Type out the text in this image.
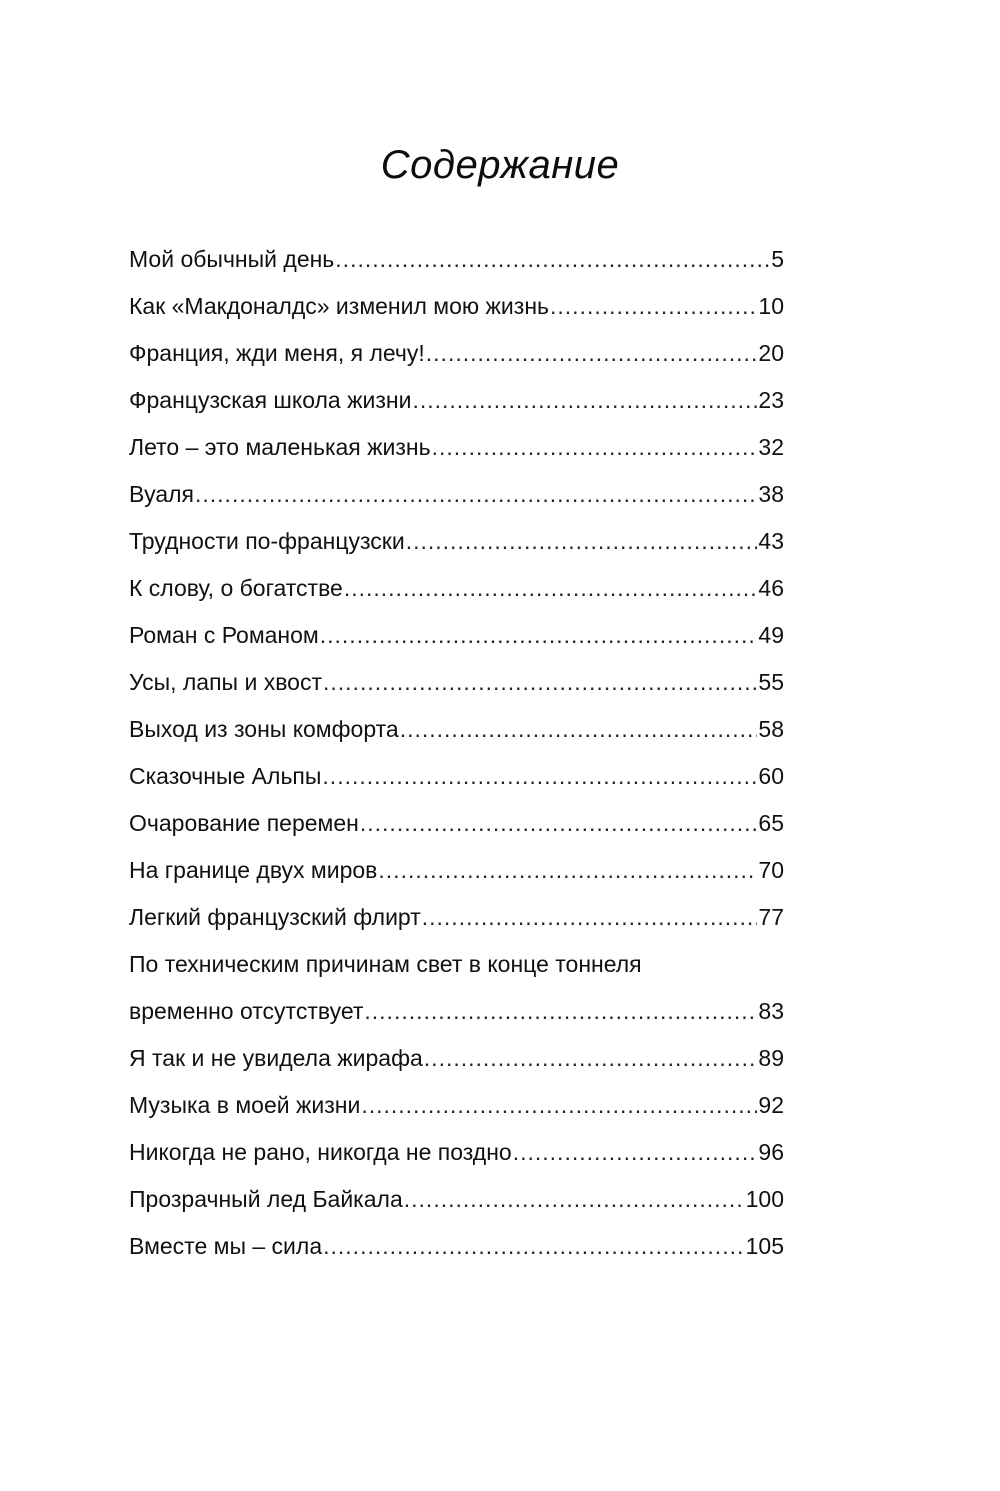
Содержание
Мой обычный день .....	5
Как «Макдоналдс» изменил мою жизнь .....	10
Франция, жди меня, я лечу! .....	20
Французская школа жизни .....	23
Лето – это маленькая жизнь .....	32
Вуаля .....	38
Трудности по-французски .....	43
К слову, о богатстве .....	46
Роман с Романом .....	49
Усы, лапы и хвост .....	55
Выход из зоны комфорта .....	58
Сказочные Альпы .....	60
Очарование перемен .....	65
На границе двух миров .....	70
Легкий французский флирт .....	77
По техническим причинам свет в конце тоннеля
временно отсутствует .....	83
Я так и не увидела жирафа .....	89
Музыка в моей жизни .....	92
Никогда не рано, никогда не поздно .....	96
Прозрачный лед Байкала .....	100
Вместе мы – сила .....	105
